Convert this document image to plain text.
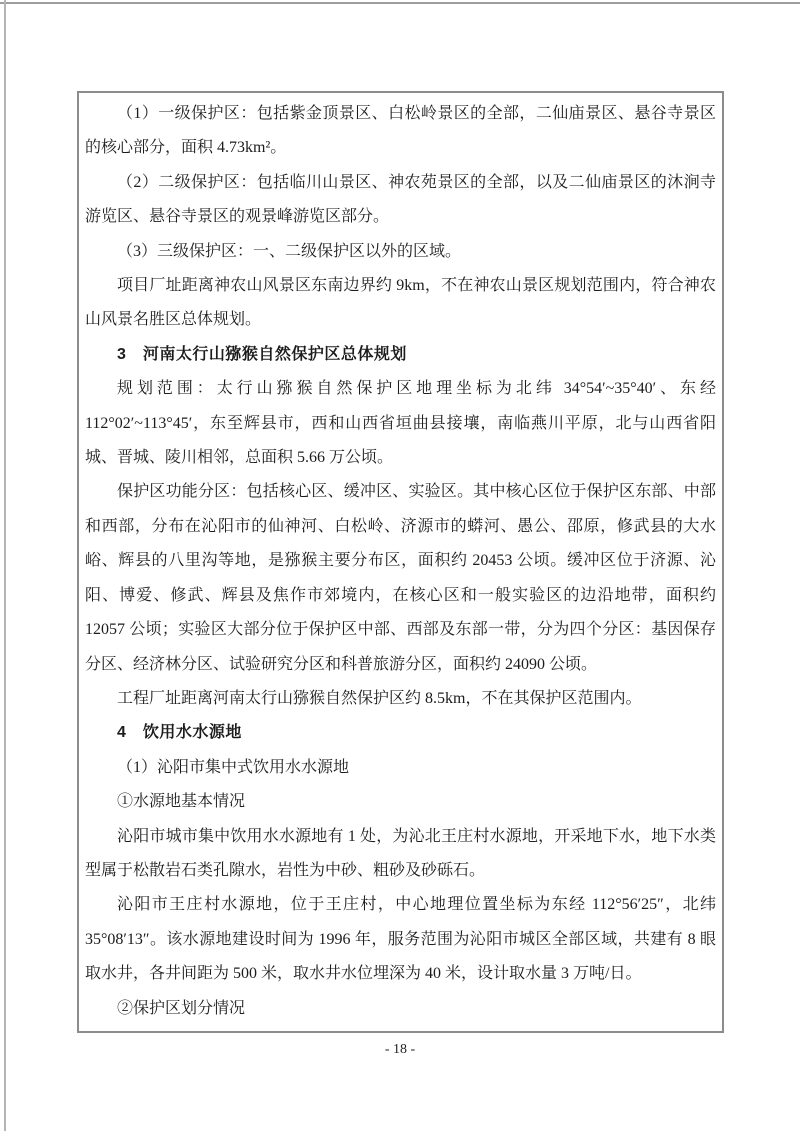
（1）一级保护区：包括紫金顶景区、白松岭景区的全部，二仙庙景区、悬谷寺景区的核心部分，面积 4.73km²。

（2）二级保护区：包括临川山景区、神农苑景区的全部，以及二仙庙景区的沐涧寺游览区、悬谷寺景区的观景峰游览区部分。

（3）三级保护区：一、二级保护区以外的区域。

项目厂址距离神农山风景区东南边界约 9km，不在神农山景区规划范围内，符合神农山风景名胜区总体规划。

3　河南太行山猕猴自然保护区总体规划

规划范围：太行山猕猴自然保护区地理坐标为北纬 34°54′~35°40′、东经 112°02′~113°45′，东至辉县市，西和山西省垣曲县接壤，南临燕川平原，北与山西省阳城、晋城、陵川相邻，总面积 5.66 万公顷。

保护区功能分区：包括核心区、缓冲区、实验区。其中核心区位于保护区东部、中部和西部，分布在沁阳市的仙神河、白松岭、济源市的蟒河、愚公、邵原，修武县的大水峪、辉县的八里沟等地，是猕猴主要分布区，面积约 20453 公顷。缓冲区位于济源、沁阳、博爱、修武、辉县及焦作市郊境内，在核心区和一般实验区的边沿地带，面积约 12057 公顷；实验区大部分位于保护区中部、西部及东部一带，分为四个分区：基因保存分区、经济林分区、试验研究分区和科普旅游分区，面积约 24090 公顷。

工程厂址距离河南太行山猕猴自然保护区约 8.5km，不在其保护区范围内。

4　饮用水水源地

（1）沁阳市集中式饮用水水源地

①水源地基本情况

沁阳市城市集中饮用水水源地有 1 处，为沁北王庄村水源地，开采地下水，地下水类型属于松散岩石类孔隙水，岩性为中砂、粗砂及砂砾石。

沁阳市王庄村水源地，位于王庄村，中心地理位置坐标为东经 112°56′25″，北纬 35°08′13″。该水源地建设时间为 1996 年，服务范围为沁阳市城区全部区域，共建有 8 眼取水井，各井间距为 500 米，取水井水位埋深为 40 米，设计取水量 3 万吨/日。

②保护区划分情况

- 18 -
